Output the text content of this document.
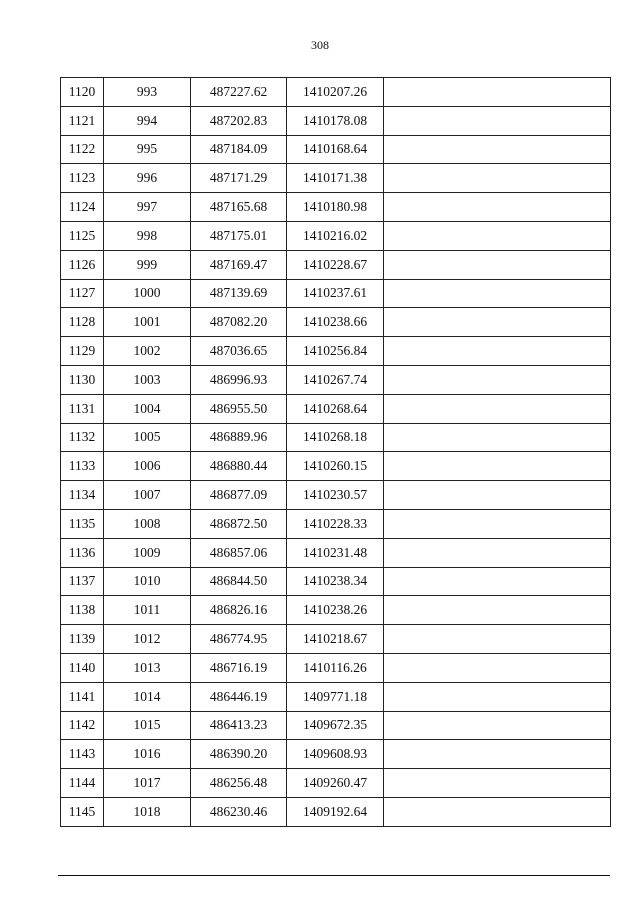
308
1120	993	487227.62	1410207.26	
1121	994	487202.83	1410178.08	
1122	995	487184.09	1410168.64	
1123	996	487171.29	1410171.38	
1124	997	487165.68	1410180.98	
1125	998	487175.01	1410216.02	
1126	999	487169.47	1410228.67	
1127	1000	487139.69	1410237.61	
1128	1001	487082.20	1410238.66	
1129	1002	487036.65	1410256.84	
1130	1003	486996.93	1410267.74	
1131	1004	486955.50	1410268.64	
1132	1005	486889.96	1410268.18	
1133	1006	486880.44	1410260.15	
1134	1007	486877.09	1410230.57	
1135	1008	486872.50	1410228.33	
1136	1009	486857.06	1410231.48	
1137	1010	486844.50	1410238.34	
1138	1011	486826.16	1410238.26	
1139	1012	486774.95	1410218.67	
1140	1013	486716.19	1410116.26	
1141	1014	486446.19	1409771.18	
1142	1015	486413.23	1409672.35	
1143	1016	486390.20	1409608.93	
1144	1017	486256.48	1409260.47	
1145	1018	486230.46	1409192.64	
